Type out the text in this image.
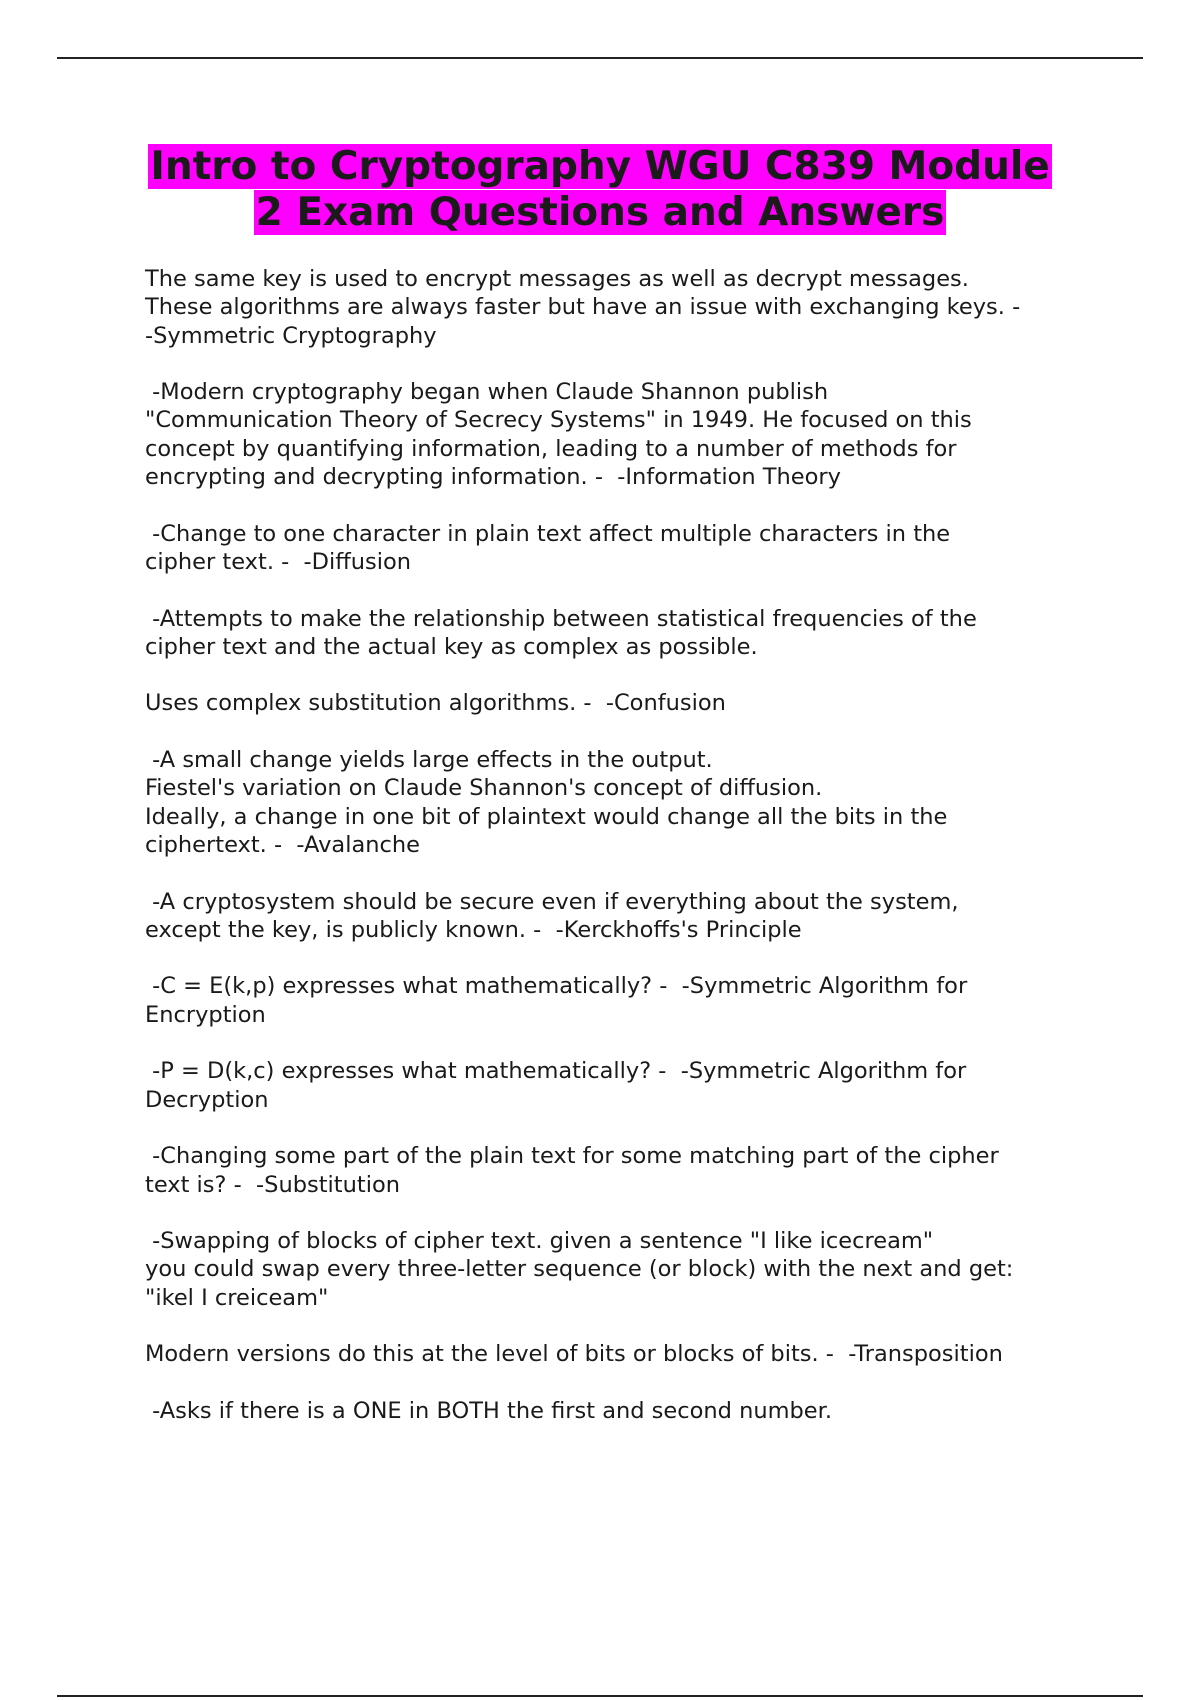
Intro to Cryptography WGU C839 Module
2 Exam Questions and Answers

The same key is used to encrypt messages as well as decrypt messages.
These algorithms are always faster but have an issue with exchanging keys. -
-Symmetric Cryptography

-Modern cryptography began when Claude Shannon publish
"Communication Theory of Secrecy Systems" in 1949. He focused on this
concept by quantifying information, leading to a number of methods for
encrypting and decrypting information. -  -Information Theory

-Change to one character in plain text affect multiple characters in the
cipher text. -  -Diffusion

-Attempts to make the relationship between statistical frequencies of the
cipher text and the actual key as complex as possible.

Uses complex substitution algorithms. -  -Confusion

-A small change yields large effects in the output.
Fiestel's variation on Claude Shannon's concept of diffusion.
Ideally, a change in one bit of plaintext would change all the bits in the
ciphertext. -  -Avalanche

-A cryptosystem should be secure even if everything about the system,
except the key, is publicly known. -  -Kerckhoffs's Principle

-C = E(k,p) expresses what mathematically? -  -Symmetric Algorithm for
Encryption

-P = D(k,c) expresses what mathematically? -  -Symmetric Algorithm for
Decryption

-Changing some part of the plain text for some matching part of the cipher
text is? -  -Substitution

-Swapping of blocks of cipher text. given a sentence "I like icecream"
you could swap every three-letter sequence (or block) with the next and get:
"ikel I creiceam"

Modern versions do this at the level of bits or blocks of bits. -  -Transposition

-Asks if there is a ONE in BOTH the first and second number.
